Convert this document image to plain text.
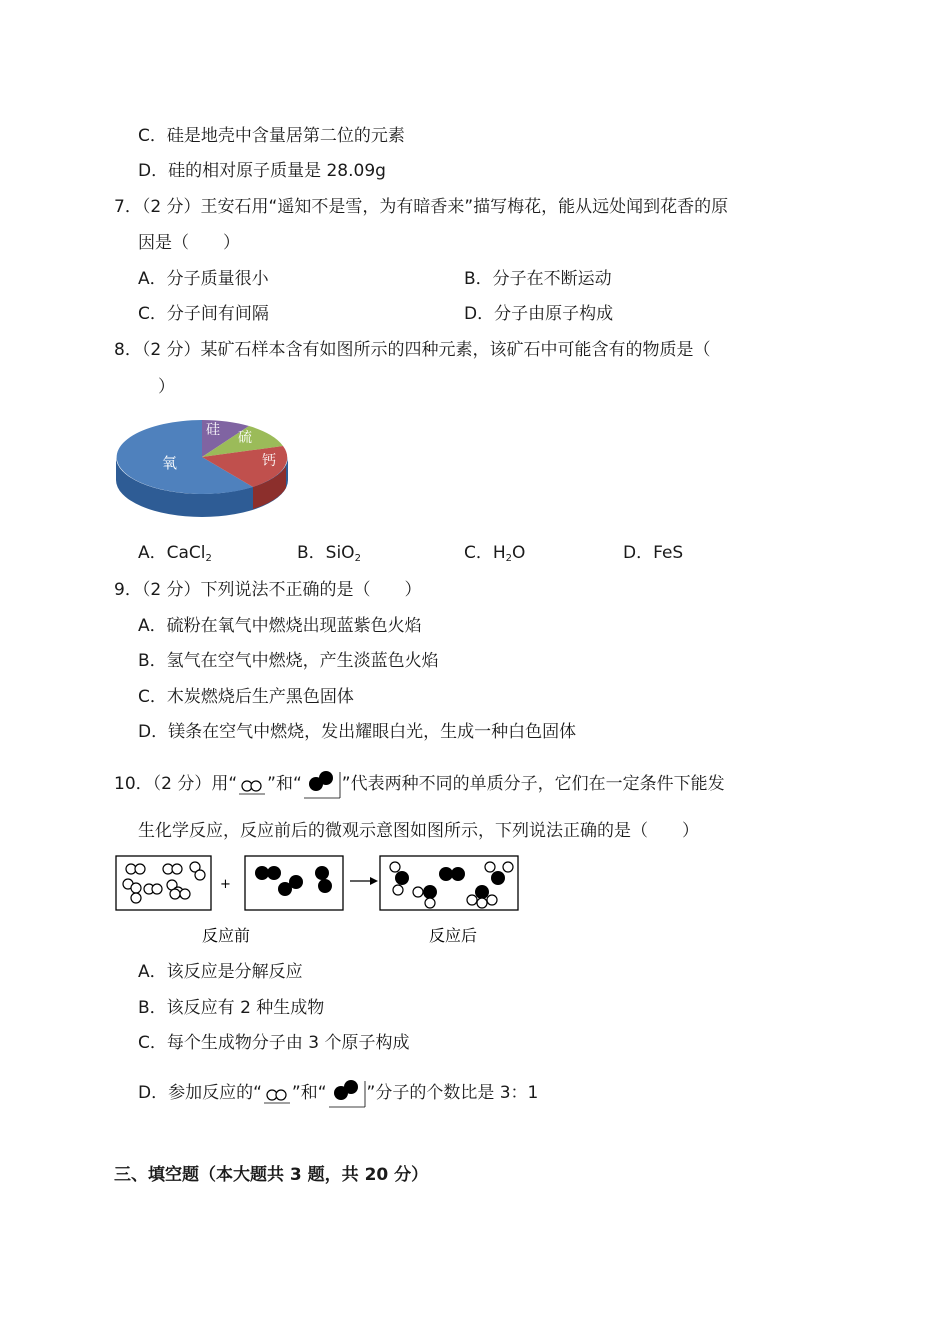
C．硅是地壳中含量居第二位的元素
D．硅的相对原子质量是 28.09g
7．（2 分）王安石用“遥知不是雪，为有暗香来”描写梅花，能从远处闻到花香的原
因是（　　）
A．分子质量很小	B．分子在不断运动
C．分子间有间隔	D．分子由原子构成
8．（2 分）某矿石样本含有如图所示的四种元素，该矿石中可能含有的物质是（
）
氧
硅 硫
钙
A．CaCl$_2$	B．SiO$_2$	C．$H_2O$	D．FeS
9．（2 分）下列说法不正确的是（　　）
A．硫粉在氧气中燃烧出现蓝紫色火焰
B．氢气在空气中燃烧，产生淡蓝色火焰
C．木炭燃烧后生产黑色固体
D．镁条在空气中燃烧，发出耀眼白光，生成一种白色固体
10．（2 分）用“ ”和“ ”代表两种不同的单质分子，它们在一定条件下能发
生化学反应，反应前后的微观示意图如图所示，下列说法正确的是（　　）
+
反应前	反应后
A．该反应是分解反应
B．该反应有 2 种生成物
C．每个生成物分子由 3 个原子构成
D．参加反应的“ ”和“ ”分子的个数比是 3：1
三、填空题（本大题共 3 题，共 20 分）
